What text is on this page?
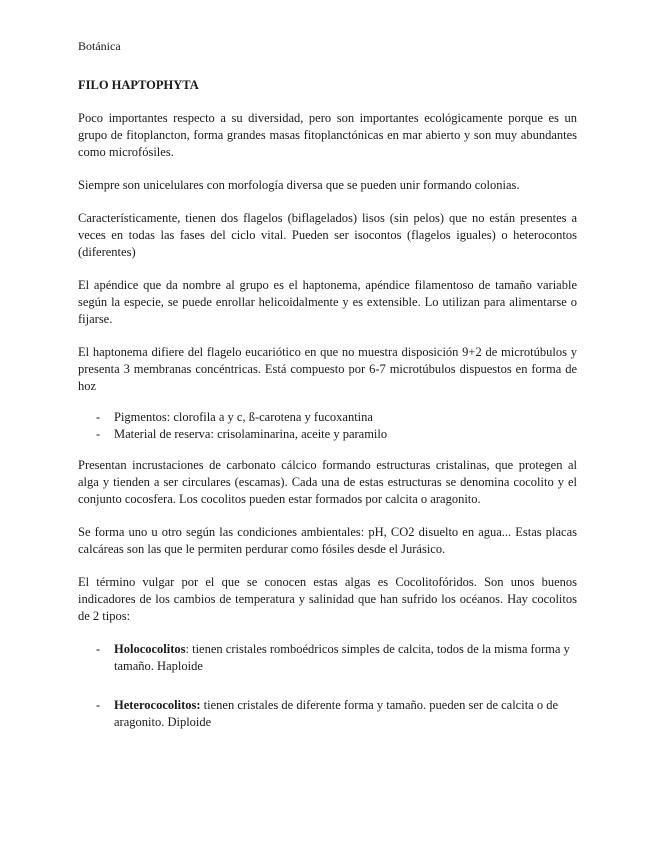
Botánica
FILO HAPTOPHYTA

Poco importantes respecto a su diversidad, pero son importantes ecológicamente porque es un grupo de fitoplancton, forma grandes masas fitoplanctónicas en mar abierto y son muy abundantes como microfósiles.

Siempre son unicelulares con morfología diversa que se pueden unir formando colonias.

Característicamente, tienen dos flagelos (biflagelados) lisos (sin pelos) que no están presentes a veces en todas las fases del ciclo vital. Pueden ser isocontos (flagelos iguales) o heterocontos (diferentes)

El apéndice que da nombre al grupo es el haptonema, apéndice filamentoso de tamaño variable según la especie, se puede enrollar helicoidalmente y es extensible. Lo utilizan para alimentarse o fijarse.

El haptonema difiere del flagelo eucariótico en que no muestra disposición 9+2 de microtúbulos y presenta 3 membranas concéntricas. Está compuesto por 6-7 microtúbulos dispuestos en forma de hoz

- Pigmentos: clorofila a y c, ß-carotena y fucoxantina
- Material de reserva: crisolaminarina, aceite y paramilo

Presentan incrustaciones de carbonato cálcico formando estructuras cristalinas, que protegen al alga y tienden a ser circulares (escamas). Cada una de estas estructuras se denomina cocolito y el conjunto cocosfera. Los cocolitos pueden estar formados por calcita o aragonito.

Se forma uno u otro según las condiciones ambientales: pH, CO2 disuelto en agua... Estas placas calcáreas son las que le permiten perdurar como fósiles desde el Jurásico.

El término vulgar por el que se conocen estas algas es Cocolitofóridos. Son unos buenos indicadores de los cambios de temperatura y salinidad que han sufrido los océanos. Hay cocolitos de 2 tipos:

- Holococolitos: tienen cristales romboédricos simples de calcita, todos de la misma forma y tamaño. Haploide
- Heterococolitos: tienen cristales de diferente forma y tamaño. pueden ser de calcita o de aragonito. Diploide
